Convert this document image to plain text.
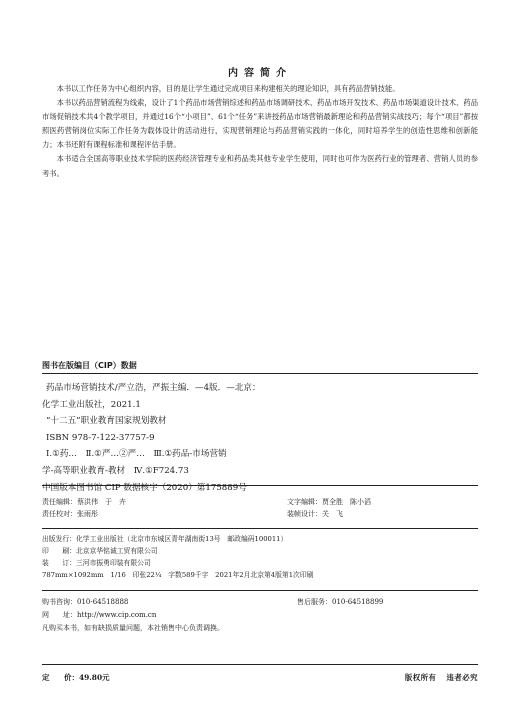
内容简介

本书以工作任务为中心组织内容，目的是让学生通过完成项目来构建相关的理论知识，具有药品营销技能。

本书以药品营销流程为线索，设计了1个药品市场营销综述和药品市场调研技术、药品市场开发技术、药品市场渠道设计技术、药品市场促销技术共4个教学项目，并通过16个“小项目”、61个“任务”来讲授药品市场营销最新理论和药品营销实战技巧；每个“项目”都按照医药营销岗位实际工作任务为载体设计的活动进行，实现营销理论与药品营销实践的一体化，同时培养学生的创造性思维和创新能力；本书还附有课程标准和课程评估手册。

本书适合全国高等职业技术学院的医药经济管理专业和药品类其他专业学生使用，同时也可作为医药行业的管理者、营销人员的参考书。

图书在版编目（CIP）数据
药品市场营销技术/严立浩，严振主编．—4版．—北京：
化学工业出版社，2021.1
“十二五”职业教育国家规划教材
ISBN 978-7-122-37757-9
Ⅰ.①药…　Ⅱ.①严…②严…　Ⅲ.①药品-市场营销
学-高等职业教育-教材　Ⅳ.①F724.73
中国版本图书馆 CIP 数据核字（2020）第175889号
责任编辑：蔡洪伟　于　卉
责任校对：张雨彤
文字编辑：贾全胜　陈小滔
装帧设计：关　飞
出版发行：化学工业出版社（北京市东城区青年湖南街13号　邮政编码100011）
印　　刷：北京京华铭诚工贸有限公司
装　　订：三河市振勇印装有限公司
787mm×1092mm　1/16　印张22¼　字数589千字　2021年2月北京第4版第1次印刷
购书咨询：010-64518888	售后服务：010-64518899
网　　址：http://www.cip.com.cn
凡购买本书，如有缺损质量问题，本社销售中心负责调换。
定　　价：49.80元	版权所有 违者必究
